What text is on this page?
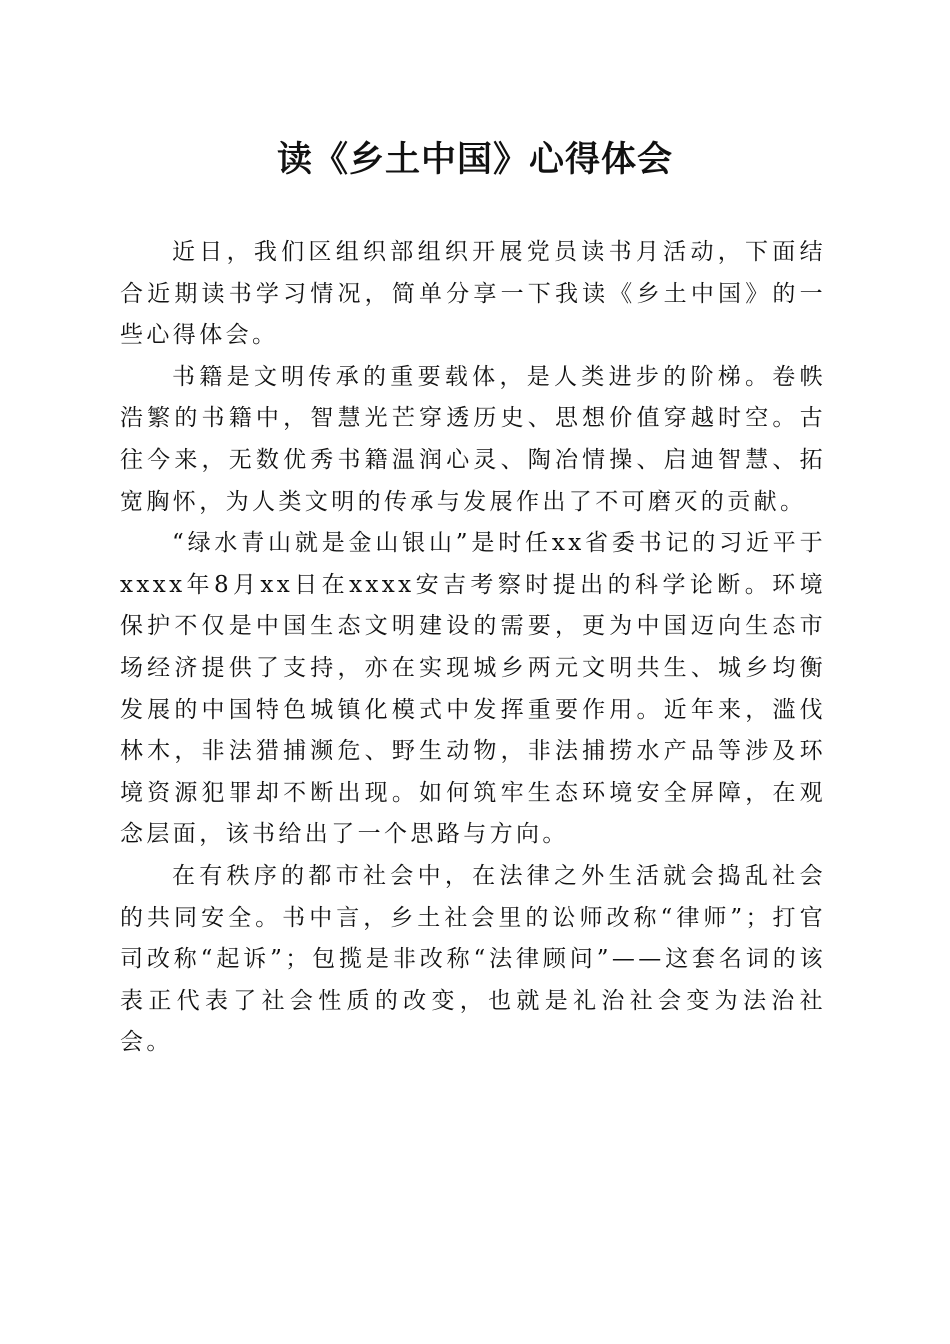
读《乡土中国》心得体会

近日，我们区组织部组织开展党员读书月活动，下面结合近期读书学习情况，简单分享一下我读《乡土中国》的一些心得体会。

书籍是文明传承的重要载体，是人类进步的阶梯。卷帙浩繁的书籍中，智慧光芒穿透历史、思想价值穿越时空。古往今来，无数优秀书籍温润心灵、陶冶情操、启迪智慧、拓宽胸怀，为人类文明的传承与发展作出了不可磨灭的贡献。

“绿水青山就是金山银山”是时任xx省委书记的习近平于xxxx年8月xx日在xxxx安吉考察时提出的科学论断。环境保护不仅是中国生态文明建设的需要，更为中国迈向生态市场经济提供了支持，亦在实现城乡两元文明共生、城乡均衡发展的中国特色城镇化模式中发挥重要作用。近年来，滥伐林木，非法猎捕濒危、野生动物，非法捕捞水产品等涉及环境资源犯罪却不断出现。如何筑牢生态环境安全屏障，在观念层面，该书给出了一个思路与方向。

在有秩序的都市社会中，在法律之外生活就会捣乱社会的共同安全。书中言，乡土社会里的讼师改称“律师”；打官司改称“起诉”；包揽是非改称“法律顾问”——这套名词的该表正代表了社会性质的改变，也就是礼治社会变为法治社会。
